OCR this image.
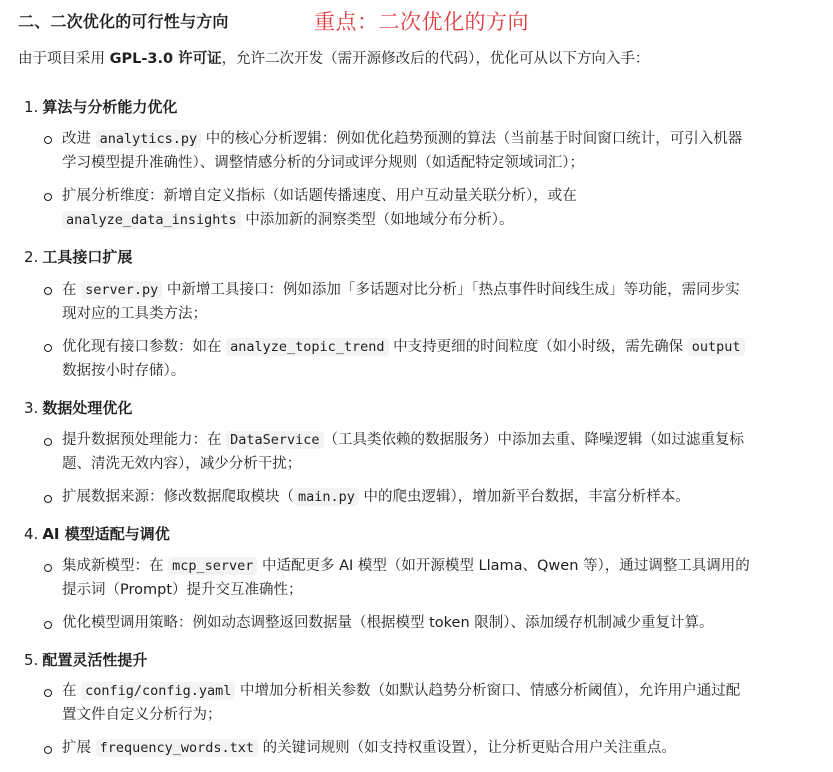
二、二次优化的可行性与方向	重点：二次优化的方向
由于项目采用 GPL-3.0 许可证，允许二次开发（需开源修改后的代码），优化可从以下方向入手：
1. 算法与分析能力优化
改进 analytics.py 中的核心分析逻辑：例如优化趋势预测的算法（当前基于时间窗口统计，可引入机器
学习模型提升准确性）、调整情感分析的分词或评分规则（如适配特定领域词汇）；
扩展分析维度：新增自定义指标（如话题传播速度、用户互动量关联分析），或在
analyze_data_insights 中添加新的洞察类型（如地域分布分析）。
2. 工具接口扩展
在 server.py 中新增工具接口：例如添加「多话题对比分析」「热点事件时间线生成」等功能，需同步实
现对应的工具类方法；
优化现有接口参数：如在 analyze_topic_trend 中支持更细的时间粒度（如小时级，需先确保 output
数据按小时存储）。
3. 数据处理优化
提升数据预处理能力：在 DataService （工具类依赖的数据服务）中添加去重、降噪逻辑（如过滤重复标
题、清洗无效内容），减少分析干扰；
扩展数据来源：修改数据爬取模块（ main.py 中的爬虫逻辑），增加新平台数据，丰富分析样本。
4. AI 模型适配与调优
集成新模型：在 mcp_server 中适配更多 AI 模型（如开源模型 Llama、Qwen 等），通过调整工具调用的
提示词（Prompt）提升交互准确性；
优化模型调用策略：例如动态调整返回数据量（根据模型 token 限制）、添加缓存机制减少重复计算。
5. 配置灵活性提升
在 config/config.yaml 中增加分析相关参数（如默认趋势分析窗口、情感分析阈值），允许用户通过配
置文件自定义分析行为；
扩展 frequency_words.txt 的关键词规则（如支持权重设置），让分析更贴合用户关注重点。
